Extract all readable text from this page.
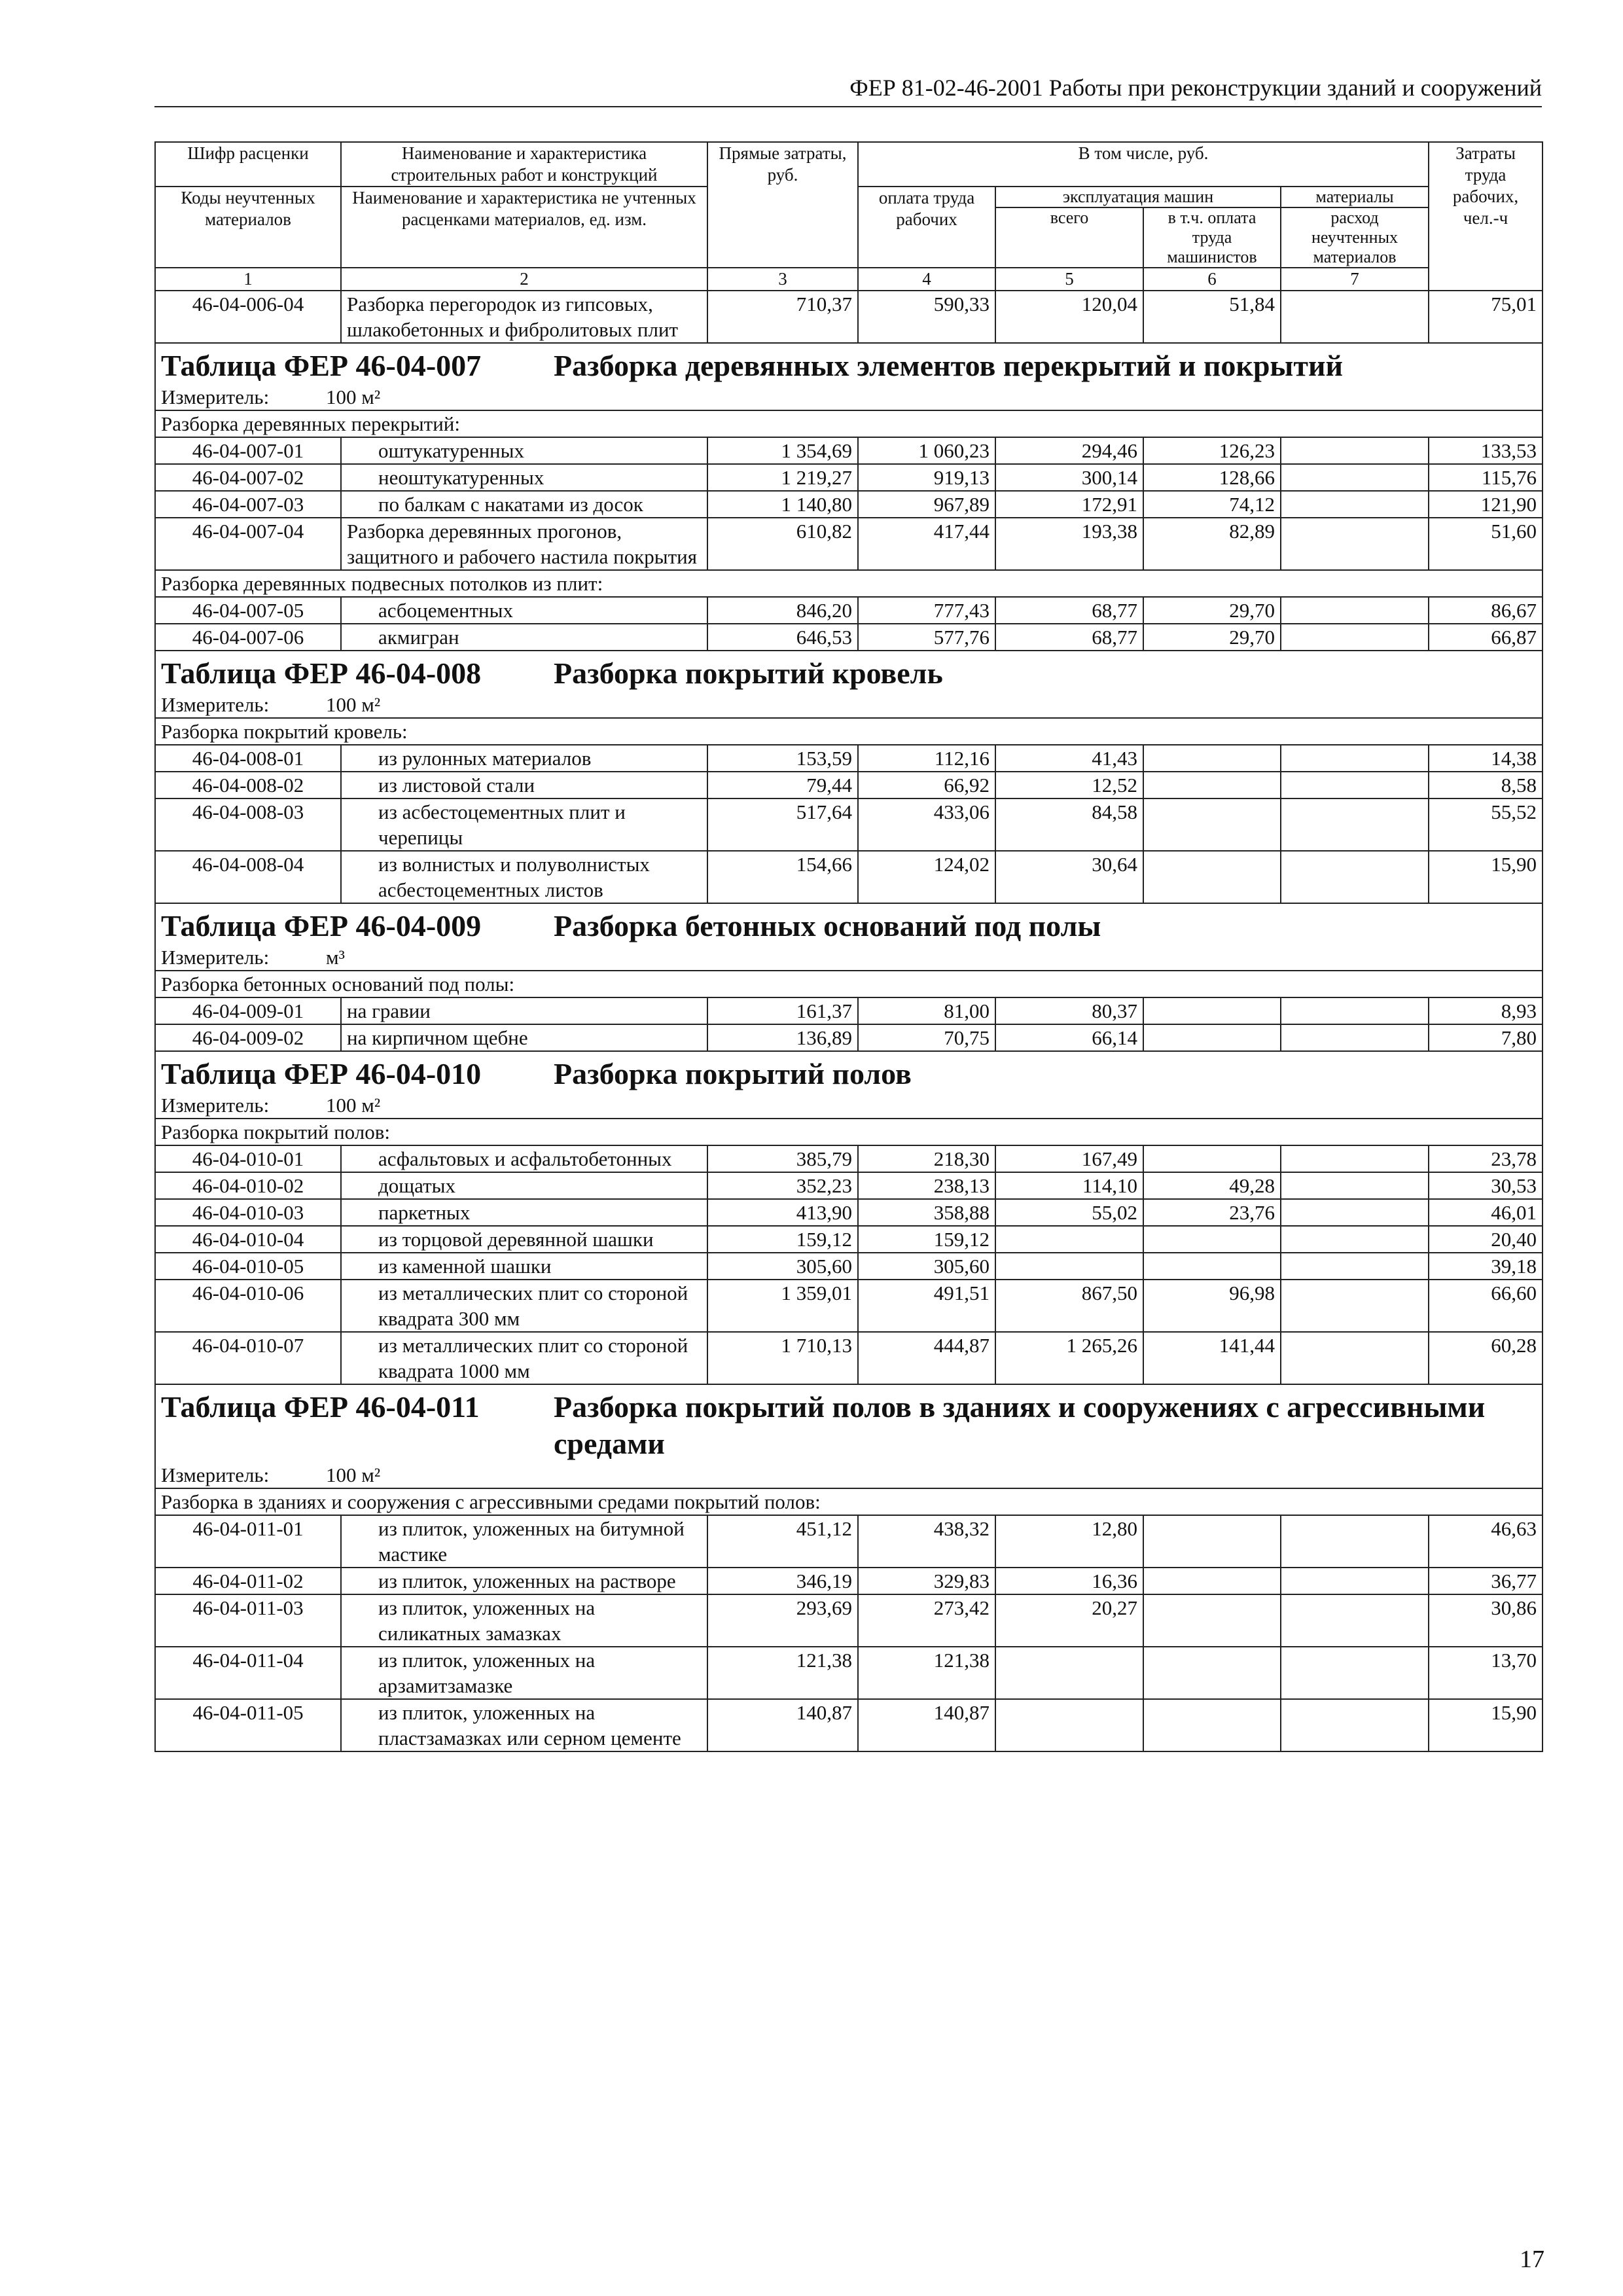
ФЕР 81-02-46-2001 Работы при реконструкции зданий и сооружений
Шифр расценки	Наименование и характеристика строительных работ и конструкций	Прямые затраты, руб.	В том числе, руб.				Затраты труда рабочих, чел.-ч
Коды неучтенных материалов	Наименование и характеристика не учтенных расценками материалов, ед. изм.		оплата труда рабочих	эксплуатация машин		материалы	
				всего	в т.ч. оплата труда машинистов	расход неучтенных материалов	
1	2	3	4	5	6	7	
46-04-006-04	Разборка перегородок из гипсовых, шлакобетонных и фибролитовых плит	710,37	590,33	120,04	51,84		75,01

Таблица ФЕР 46-04-007 Разборка деревянных элементов перекрытий и покрытий							

Измеритель: 100 м²							
Разборка деревянных перекрытий:							
46-04-007-01	оштукатуренных	1 354,69	1 060,23	294,46	126,23		133,53
46-04-007-02	неоштукатуренных	1 219,27	919,13	300,14	128,66		115,76
46-04-007-03	по балкам с накатами из досок	1 140,80	967,89	172,91	74,12		121,90
46-04-007-04	Разборка деревянных прогонов, защитного и рабочего настила покрытия	610,82	417,44	193,38	82,89		51,60
Разборка деревянных подвесных потолков из плит:							
46-04-007-05	асбоцементных	846,20	777,43	68,77	29,70		86,67
46-04-007-06	акмигран	646,53	577,76	68,77	29,70		66,87

Таблица ФЕР 46-04-008 Разборка покрытий кровель							

Измеритель: 100 м²							
Разборка покрытий кровель:							
46-04-008-01	из рулонных материалов	153,59	112,16	41,43			14,38
46-04-008-02	из листовой стали	79,44	66,92	12,52			8,58
46-04-008-03	из асбестоцементных плит и черепицы	517,64	433,06	84,58			55,52
46-04-008-04	из волнистых и полуволнистых асбестоцементных листов	154,66	124,02	30,64			15,90

Таблица ФЕР 46-04-009 Разборка бетонных оснований под полы							

Измеритель: м³							
Разборка бетонных оснований под полы:							
46-04-009-01	на гравии	161,37	81,00	80,37			8,93
46-04-009-02	на кирпичном щебне	136,89	70,75	66,14			7,80

Таблица ФЕР 46-04-010 Разборка покрытий полов							

Измеритель: 100 м²							
Разборка покрытий полов:							
46-04-010-01	асфальтовых и асфальтобетонных	385,79	218,30	167,49			23,78
46-04-010-02	дощатых	352,23	238,13	114,10	49,28		30,53
46-04-010-03	паркетных	413,90	358,88	55,02	23,76		46,01
46-04-010-04	из торцовой деревянной шашки	159,12	159,12				20,40
46-04-010-05	из каменной шашки	305,60	305,60				39,18
46-04-010-06	из металлических плит со стороной квадрата 300 мм	1 359,01	491,51	867,50	96,98		66,60
46-04-010-07	из металлических плит со стороной квадрата 1000 мм	1 710,13	444,87	1 265,26	141,44		60,28

Таблица ФЕР 46-04-011 Разборка покрытий полов в зданиях и сооружениях с агрессивными средами							

Измеритель: 100 м²							
Разборка в зданиях и сооружения с агрессивными средами покрытий полов:							
46-04-011-01	из плиток, уложенных на битумной мастике	451,12	438,32	12,80			46,63
46-04-011-02	из плиток, уложенных на растворе	346,19	329,83	16,36			36,77
46-04-011-03	из плиток, уложенных на силикатных замазках	293,69	273,42	20,27			30,86
46-04-011-04	из плиток, уложенных на арзамитзамазке	121,38	121,38				13,70
46-04-011-05	из плиток, уложенных на пластзамазках или серном цементе	140,87	140,87				15,90
17
